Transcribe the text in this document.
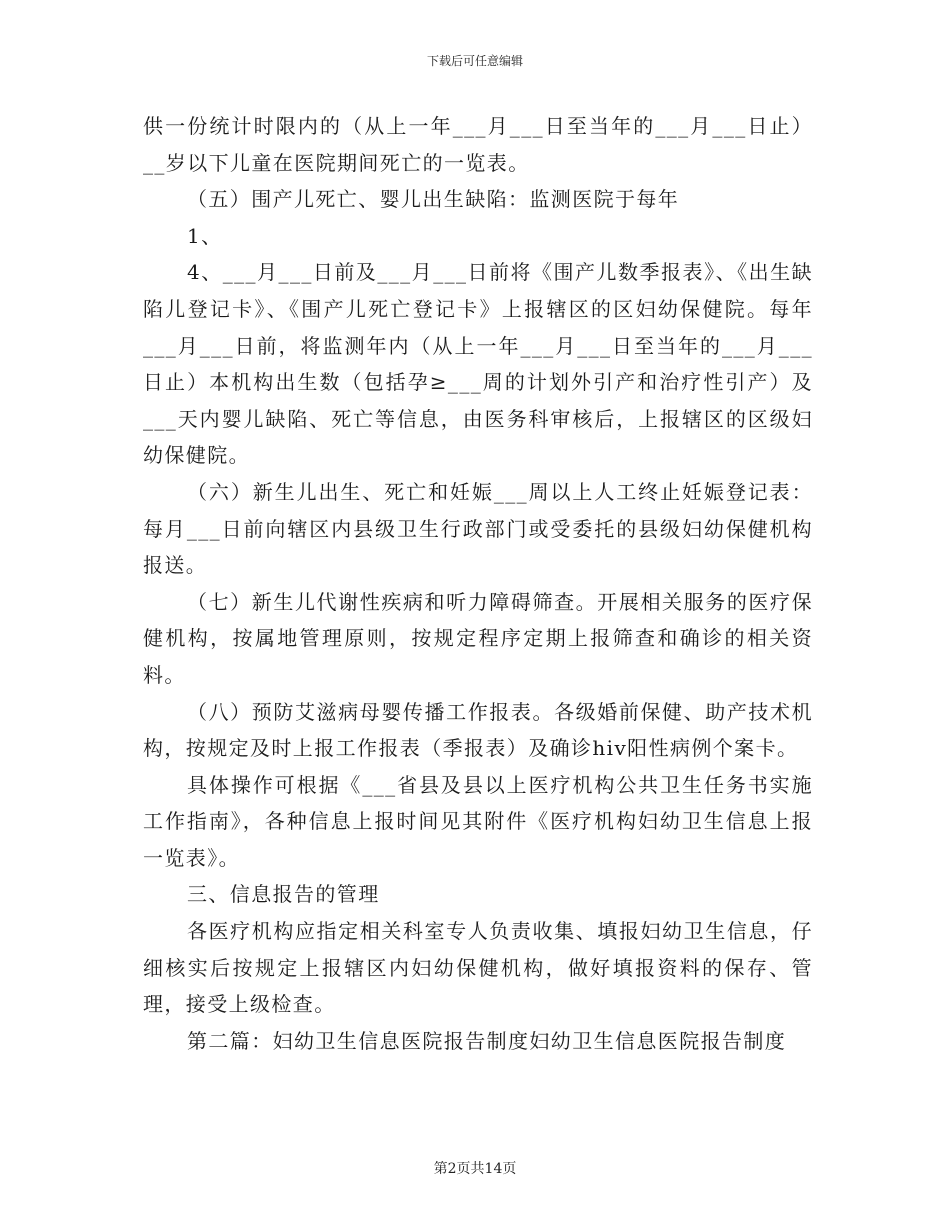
下载后可任意编辑

供一份统计时限内的（从上一年___月___日至当年的___月___日止）__岁以下儿童在医院期间死亡的一览表。

（五）围产儿死亡、婴儿出生缺陷：监测医院于每年

1、

4、___月___日前及___月___日前将《围产儿数季报表》、《出生缺陷儿登记卡》、《围产儿死亡登记卡》上报辖区的区妇幼保健院。每年___月___日前，将监测年内（从上一年___月___日至当年的___月___日止）本机构出生数（包括孕≥___周的计划外引产和治疗性引产）及___天内婴儿缺陷、死亡等信息，由医务科审核后，上报辖区的区级妇幼保健院。

（六）新生儿出生、死亡和妊娠___周以上人工终止妊娠登记表：每月___日前向辖区内县级卫生行政部门或受委托的县级妇幼保健机构报送。

（七）新生儿代谢性疾病和听力障碍筛查。开展相关服务的医疗保健机构，按属地管理原则，按规定程序定期上报筛查和确诊的相关资料。

（八）预防艾滋病母婴传播工作报表。各级婚前保健、助产技术机构，按规定及时上报工作报表（季报表）及确诊hiv阳性病例个案卡。

具体操作可根据《___省县及县以上医疗机构公共卫生任务书实施工作指南》，各种信息上报时间见其附件《医疗机构妇幼卫生信息上报一览表》。

三、信息报告的管理

各医疗机构应指定相关科室专人负责收集、填报妇幼卫生信息，仔细核实后按规定上报辖区内妇幼保健机构，做好填报资料的保存、管理，接受上级检查。

第二篇：妇幼卫生信息医院报告制度妇幼卫生信息医院报告制度

第2页共14页
